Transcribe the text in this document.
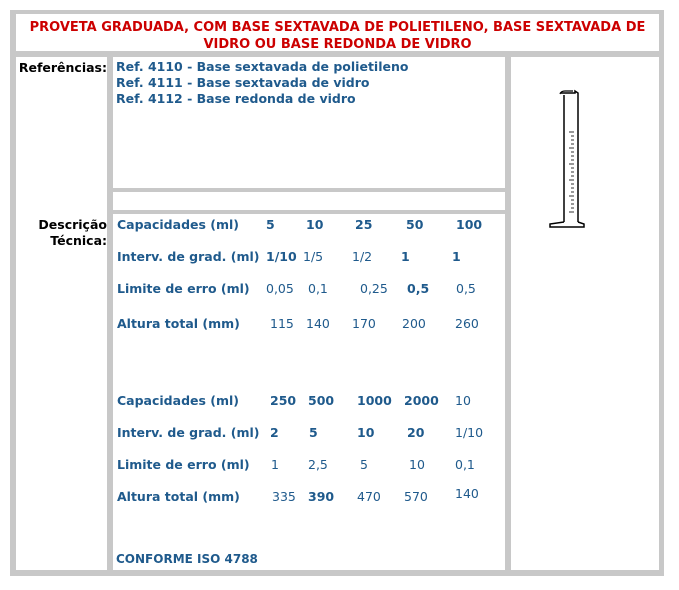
PROVETA GRADUADA, COM BASE SEXTAVADA DE POLIETILENO, BASE SEXTAVADA DE VIDRO OU BASE REDONDA DE VIDRO
Referências:
Descrição
Técnica:
Ref. 4110 - Base sextavada de polietileno
Ref. 4111 - Base sextavada de vidro
Ref. 4112 - Base redonda de vidro
Capacidades (ml) 5	10	25	50	100
Interv. de grad. (ml) 1/10 1/5 1/2 1	1
Limite de erro (ml) 0,05 0,1	0,25 0,5 0,5
Altura total (mm) 115 140 170 200 260
Capacidades (ml) 250 500 1000 2000 10
Interv. de grad. (ml) 2 5	10	20 1/10
Limite de erro (ml) 1 2,5	5	10 0,1
Altura total (mm)	335 390 470 570 140
CONFORME ISO 4788
